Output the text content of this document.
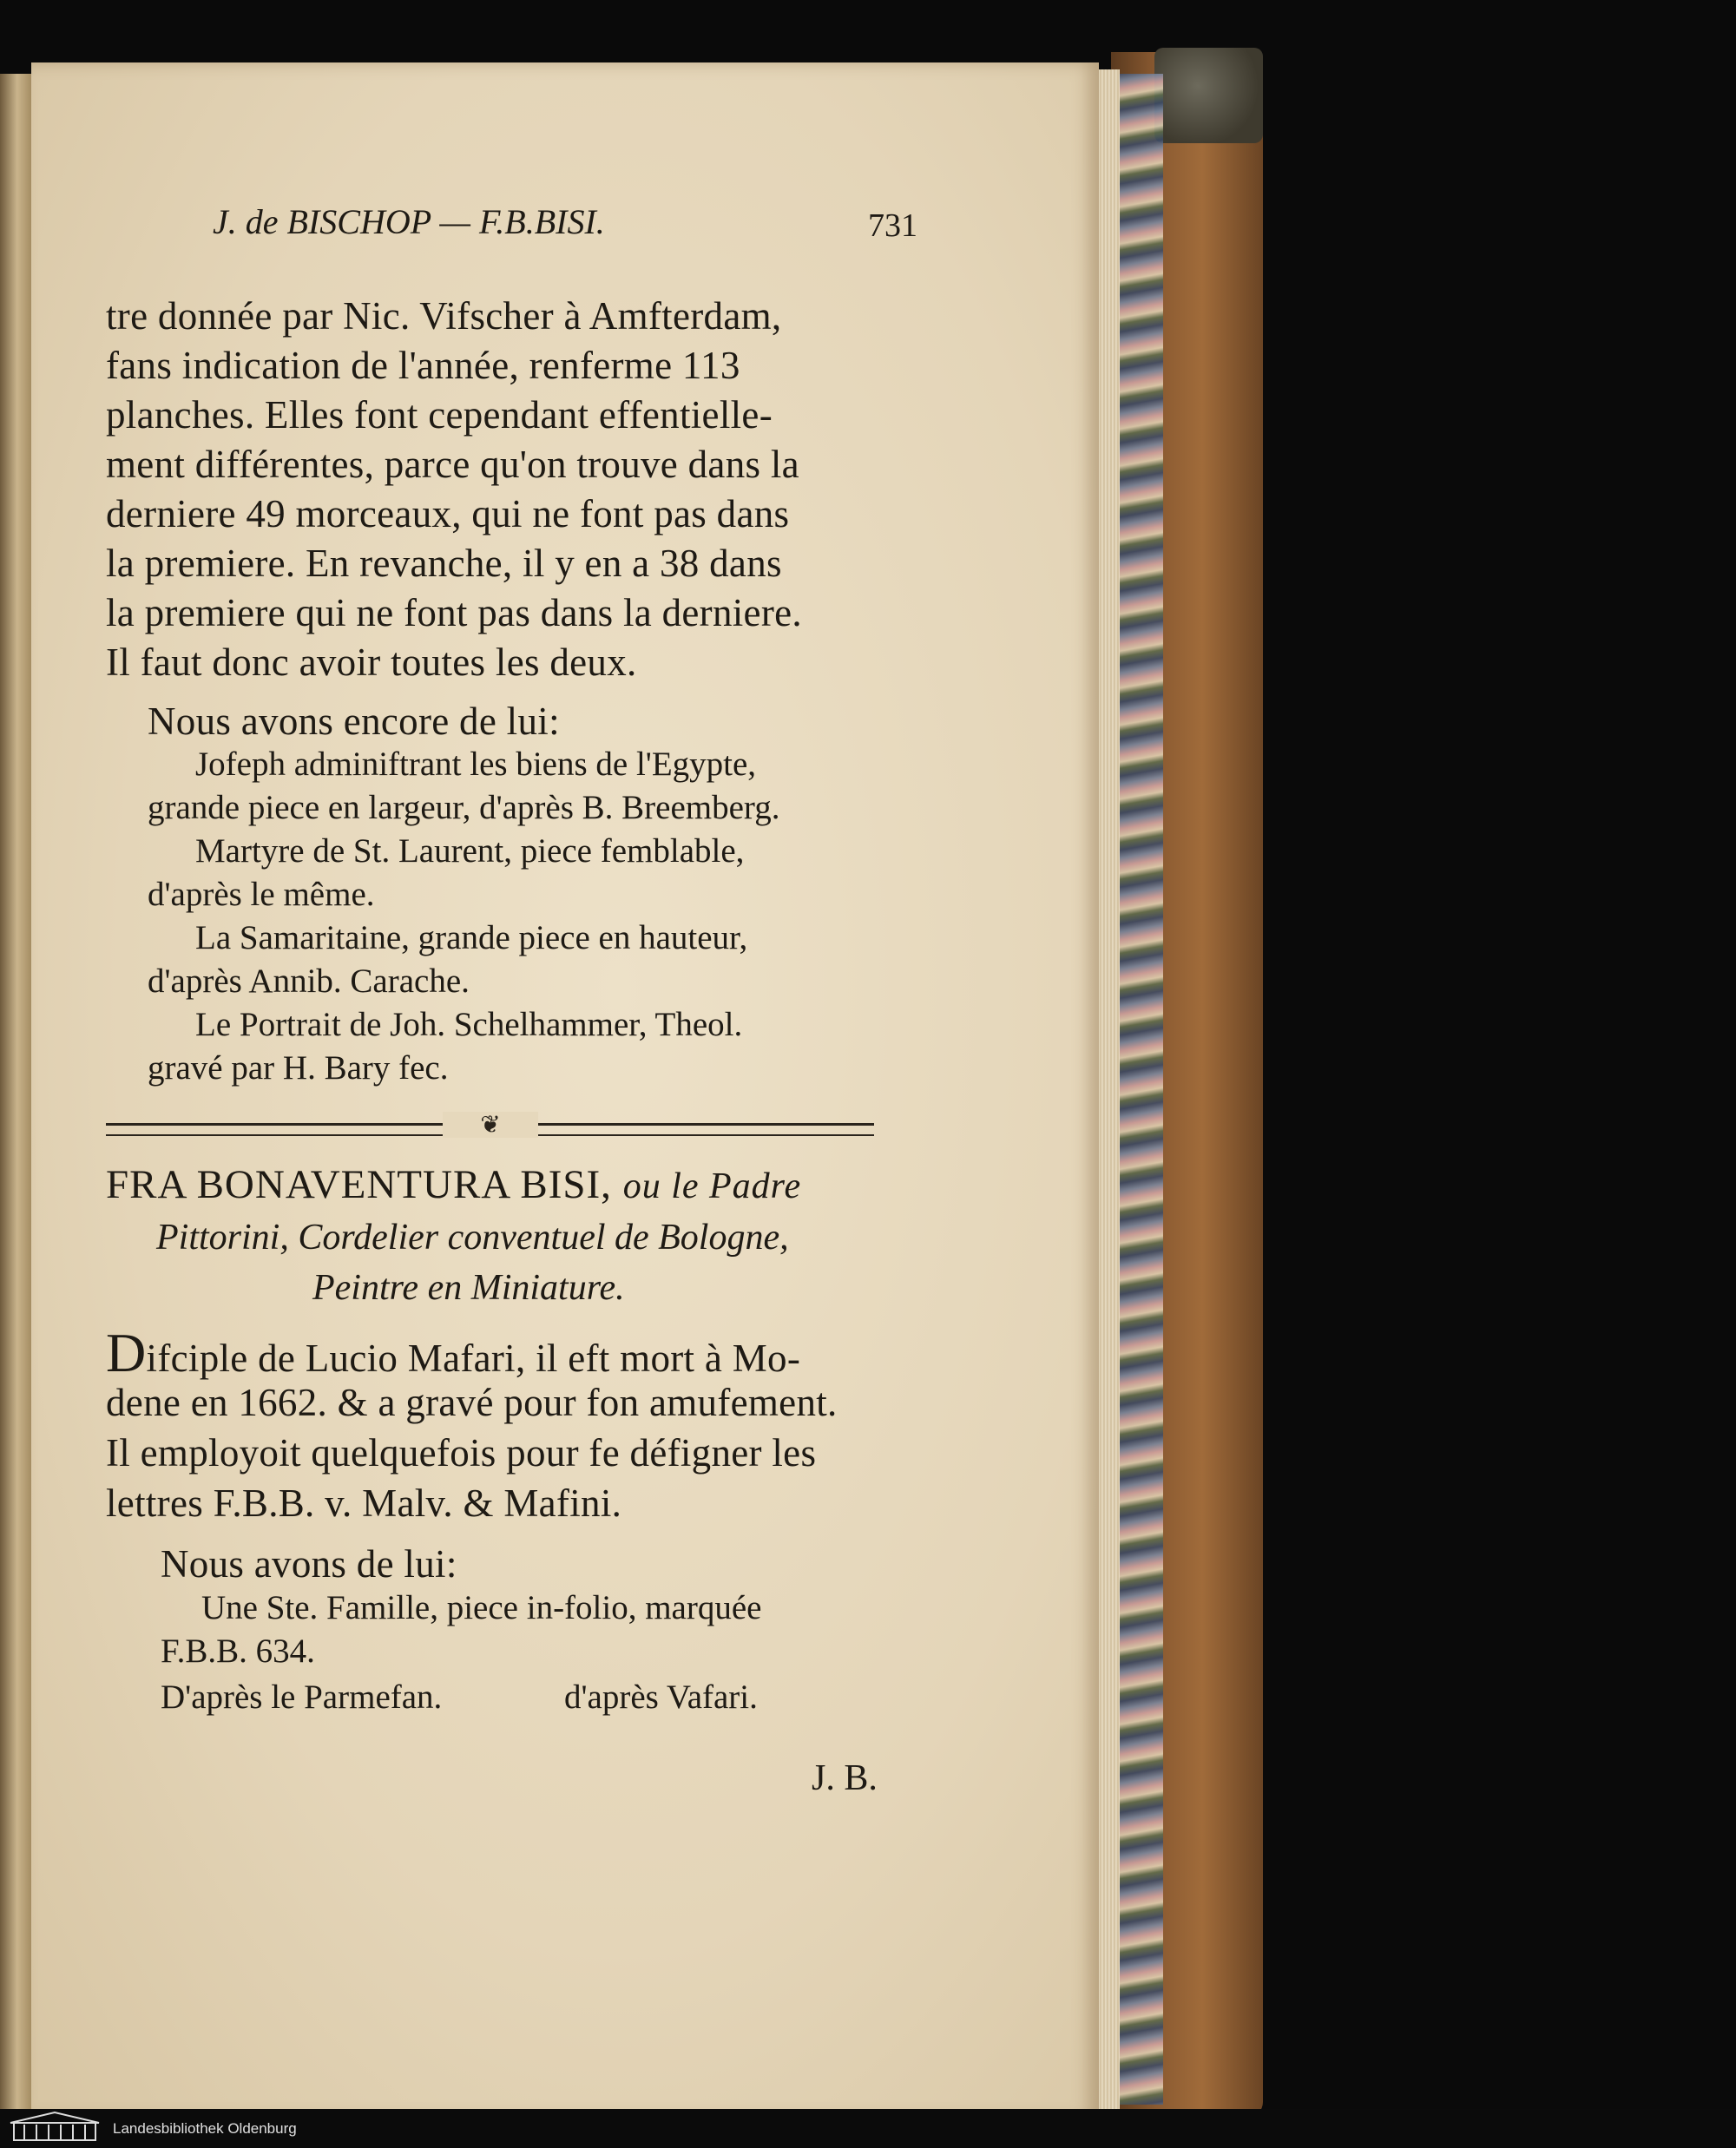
J. de BISCHOP — F.B.BISI.	731
tre donnée par Nic. Vifscher à Amfterdam,
fans indication de l'année, renferme 113
planches. Elles font cependant effentielle-
ment différentes, parce qu'on trouve dans la
derniere 49 morceaux, qui ne font pas dans
la premiere. En revanche, il y en a 38 dans
la premiere qui ne font pas dans la derniere.
Il faut donc avoir toutes les deux.
Nous avons encore de lui:
Jofeph adminiftrant les biens de l'Egypte,
grande piece en largeur, d'après B. Breemberg.
Martyre de St. Laurent, piece femblable,
d'après le même.
La Samaritaine, grande piece en hauteur,
d'après Annib. Carache.
Le Portrait de Joh. Schelhammer, Theol.
gravé par H. Bary fec.
❦
FRA BONAVENTURA BISI, ou le Padre
Pittorini, Cordelier conventuel de Bologne,
Peintre en Miniature.
Difciple de Lucio Mafari, il eft mort à Mo-
dene en 1662. & a gravé pour fon amufement.
Il employoit quelquefois pour fe défigner les
lettres F.B.B. v. Malv. & Mafini.
Nous avons de lui:
Une Ste. Famille, piece in-folio, marquée
F.B.B. 634.
D'après le Parmefan.	d'après Vafari.
J. B.
Landesbibliothek Oldenburg
